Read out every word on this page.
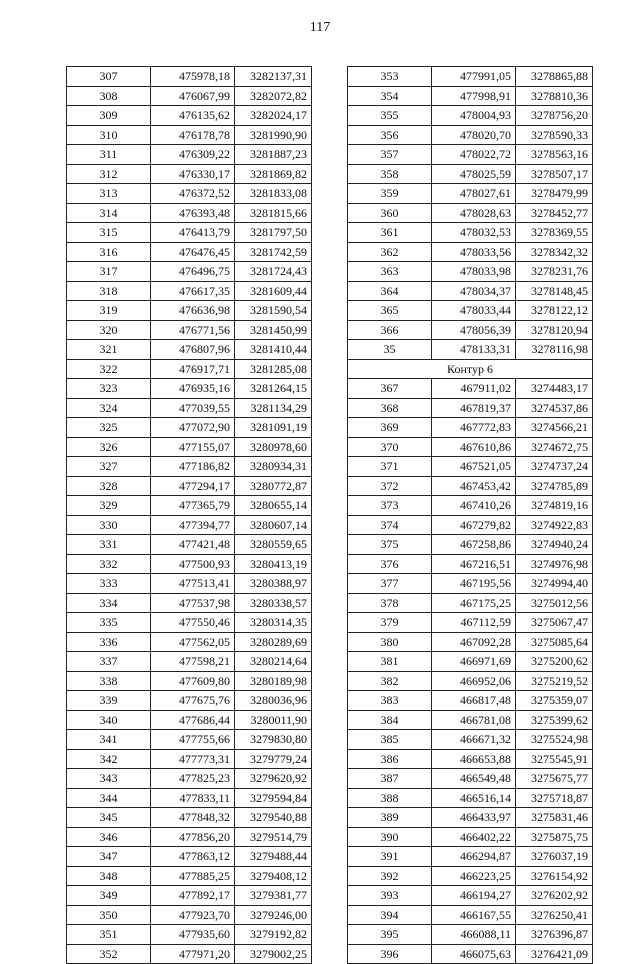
117
307	475978,18	3282137,31
308	476067,99	3282072,82
309	476135,62	3282024,17
310	476178,78	3281990,90
311	476309,22	3281887,23
312	476330,17	3281869,82
313	476372,52	3281833,08
314	476393,48	3281815,66
315	476413,79	3281797,50
316	476476,45	3281742,59
317	476496,75	3281724,43
318	476617,35	3281609,44
319	476636,98	3281590,54
320	476771,56	3281450,99
321	476807,96	3281410,44
322	476917,71	3281285,08
323	476935,16	3281264,15
324	477039,55	3281134,29
325	477072,90	3281091,19
326	477155,07	3280978,60
327	477186,82	3280934,31
328	477294,17	3280772,87
329	477365,79	3280655,14
330	477394,77	3280607,14
331	477421,48	3280559,65
332	477500,93	3280413,19
333	477513,41	3280388,97
334	477537,98	3280338,57
335	477550,46	3280314,35
336	477562,05	3280289,69
337	477598,21	3280214,64
338	477609,80	3280189,98
339	477675,76	3280036,96
340	477686,44	3280011,90
341	477755,66	3279830,80
342	477773,31	3279779,24
343	477825,23	3279620,92
344	477833,11	3279594,84
345	477848,32	3279540,88
346	477856,20	3279514,79
347	477863,12	3279488,44
348	477885,25	3279408,12
349	477892,17	3279381,77
350	477923,70	3279246,00
351	477935,60	3279192,82
352	477971,20	3279002,25
353	477991,05	3278865,88
354	477998,91	3278810,36
355	478004,93	3278756,20
356	478020,70	3278590,33
357	478022,72	3278563,16
358	478025,59	3278507,17
359	478027,61	3278479,99
360	478028,63	3278452,77
361	478032,53	3278369,55
362	478033,56	3278342,32
363	478033,98	3278231,76
364	478034,37	3278148,45
365	478033,44	3278122,12
366	478056,39	3278120,94
35	478133,31	3278116,98
Контур 6		
367	467911,02	3274483,17
368	467819,37	3274537,86
369	467772,83	3274566,21
370	467610,86	3274672,75
371	467521,05	3274737,24
372	467453,42	3274785,89
373	467410,26	3274819,16
374	467279,82	3274922,83
375	467258,86	3274940,24
376	467216,51	3274976,98
377	467195,56	3274994,40
378	467175,25	3275012,56
379	467112,59	3275067,47
380	467092,28	3275085,64
381	466971,69	3275200,62
382	466952,06	3275219,52
383	466817,48	3275359,07
384	466781,08	3275399,62
385	466671,32	3275524,98
386	466653,88	3275545,91
387	466549,48	3275675,77
388	466516,14	3275718,87
389	466433,97	3275831,46
390	466402,22	3275875,75
391	466294,87	3276037,19
392	466223,25	3276154,92
393	466194,27	3276202,92
394	466167,55	3276250,41
395	466088,11	3276396,87
396	466075,63	3276421,09
